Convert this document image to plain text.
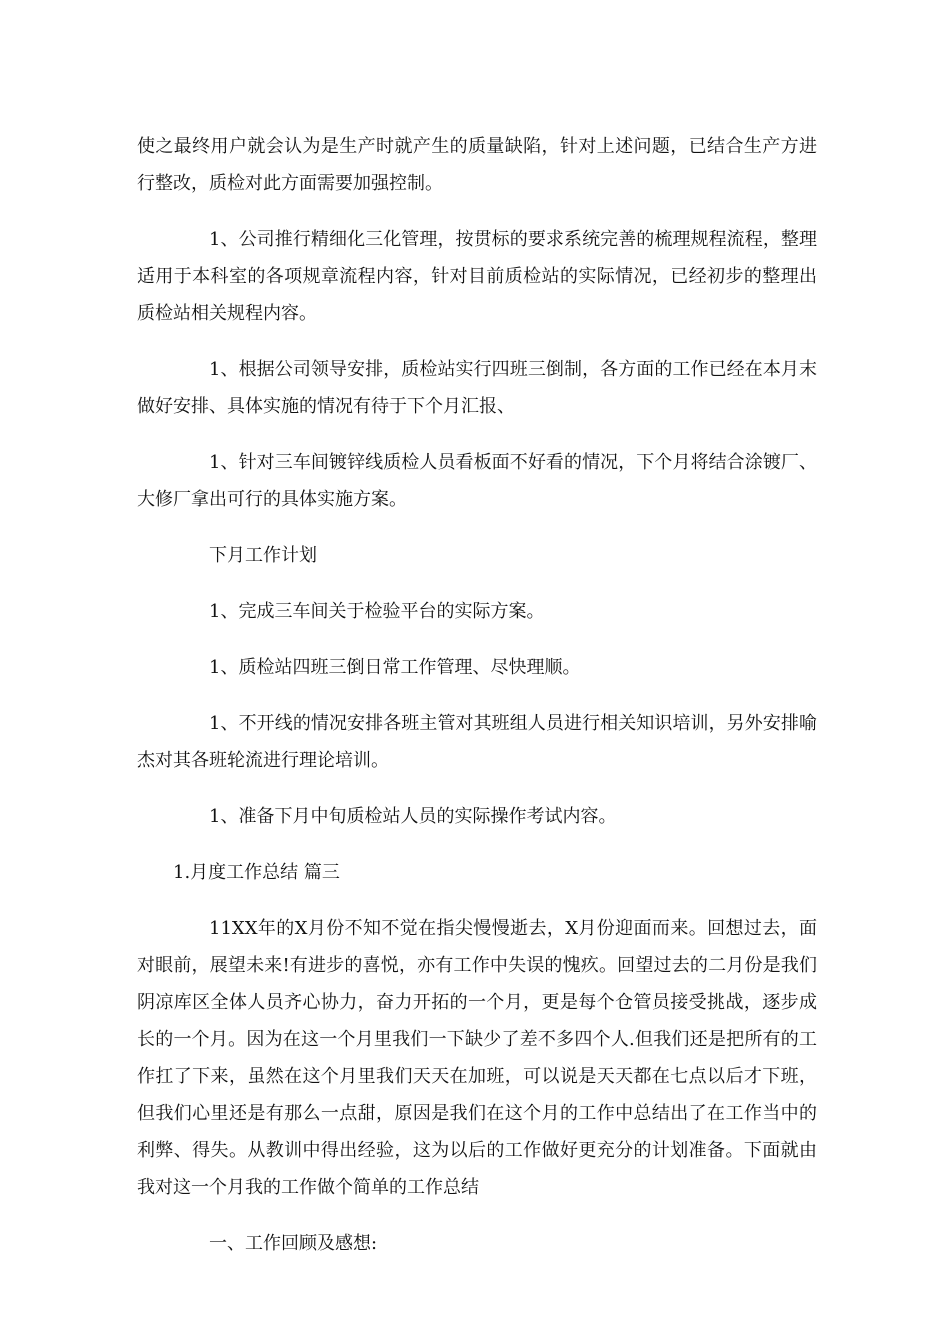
使之最终用户就会认为是生产时就产生的质量缺陷，针对上述问题，已结合生产方进行整改，质检对此方面需要加强控制。

1、公司推行精细化三化管理，按贯标的要求系统完善的梳理规程流程，整理适用于本科室的各项规章流程内容，针对目前质检站的实际情况，已经初步的整理出质检站相关规程内容。

1、根据公司领导安排，质检站实行四班三倒制，各方面的工作已经在本月末做好安排、具体实施的情况有待于下个月汇报、

1、针对三车间镀锌线质检人员看板面不好看的情况，下个月将结合涂镀厂、大修厂拿出可行的具体实施方案。

下月工作计划

1、完成三车间关于检验平台的实际方案。

1、质检站四班三倒日常工作管理、尽快理顺。

1、不开线的情况安排各班主管对其班组人员进行相关知识培训，另外安排喻杰对其各班轮流进行理论培训。

1、准备下月中旬质检站人员的实际操作考试内容。

1.月度工作总结 篇三

11XX年的X月份不知不觉在指尖慢慢逝去，X月份迎面而来。回想过去，面对眼前，展望未来!有进步的喜悦，亦有工作中失误的愧疚。回望过去的二月份是我们阴凉库区全体人员齐心协力，奋力开拓的一个月，更是每个仓管员接受挑战，逐步成长的一个月。因为在这一个月里我们一下缺少了差不多四个人.但我们还是把所有的工作扛了下来，虽然在这个月里我们天天在加班，可以说是天天都在七点以后才下班，但我们心里还是有那么一点甜，原因是我们在这个月的工作中总结出了在工作当中的利弊、得失。从教训中得出经验，这为以后的工作做好更充分的计划准备。下面就由我对这一个月我的工作做个简单的工作总结

一、工作回顾及感想:
